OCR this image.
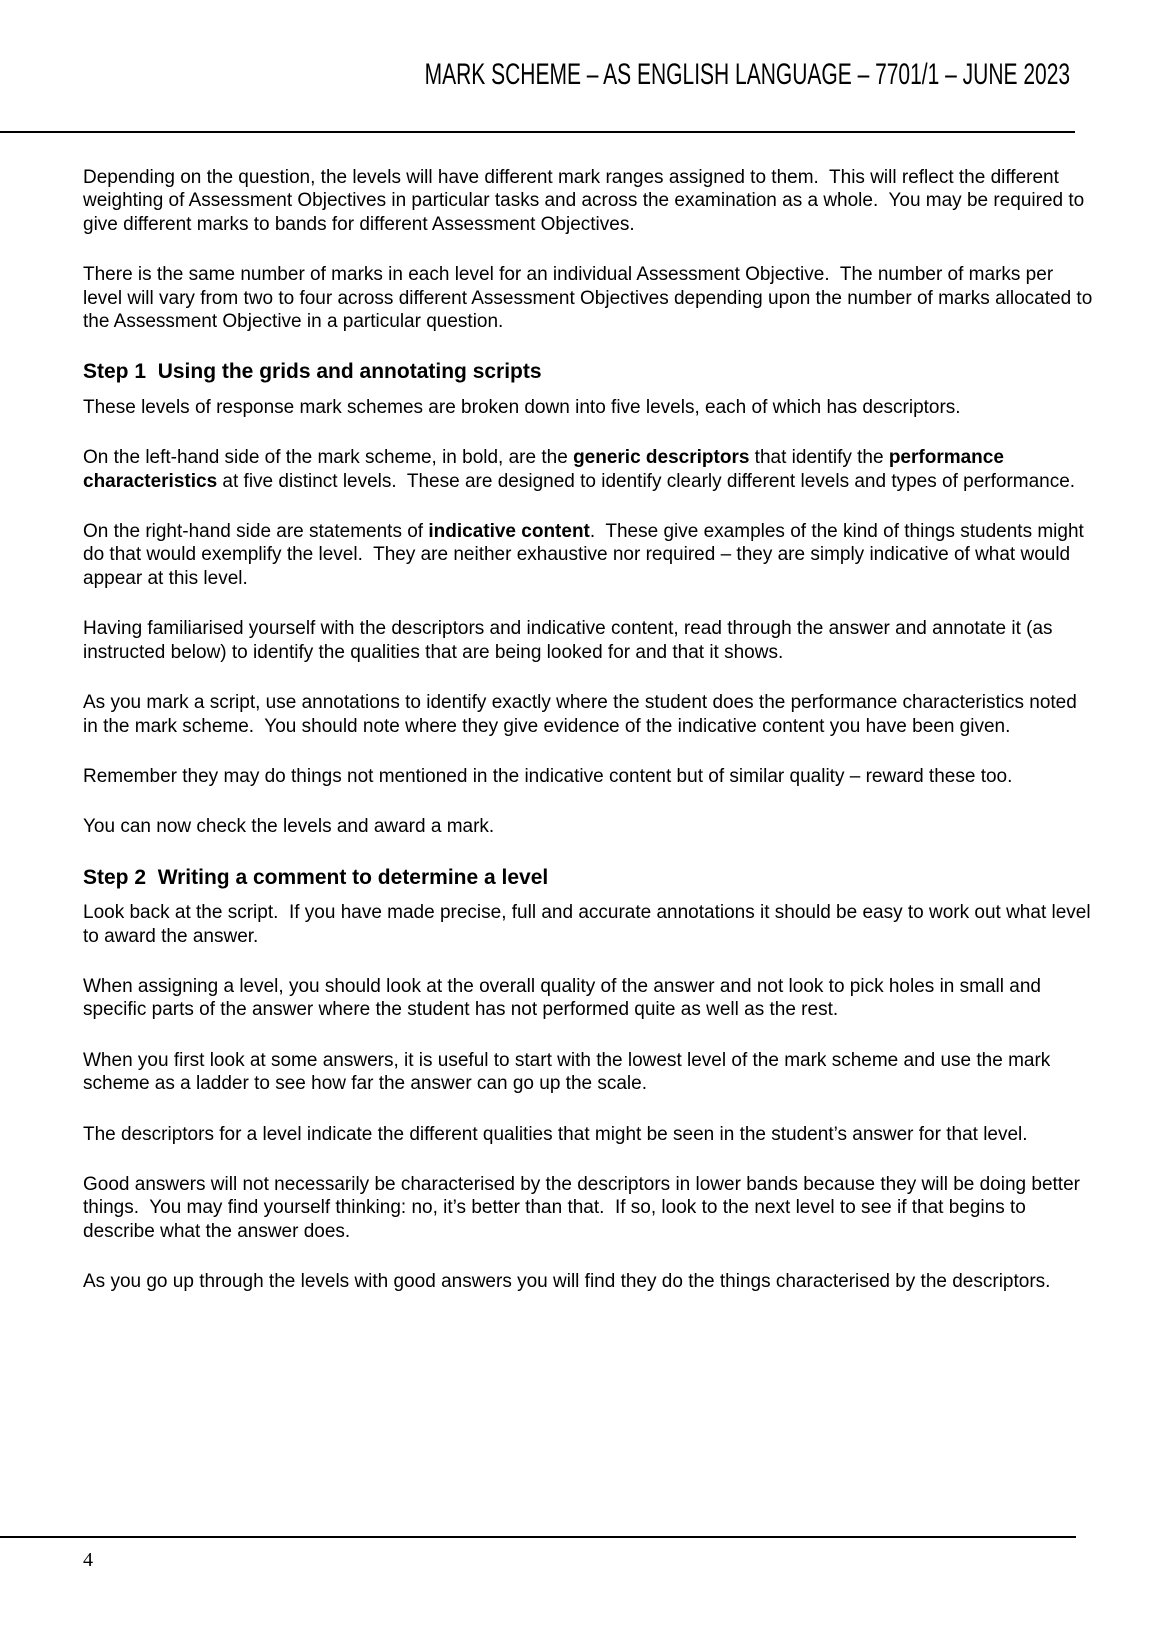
MARK SCHEME – AS ENGLISH LANGUAGE – 7701/1 – JUNE 2023

Depending on the question, the levels will have different mark ranges assigned to them.  This will reflect the different weighting of Assessment Objectives in particular tasks and across the examination as a whole.  You may be required to give different marks to bands for different Assessment Objectives.

There is the same number of marks in each level for an individual Assessment Objective.  The number of marks per level will vary from two to four across different Assessment Objectives depending upon the number of marks allocated to the Assessment Objective in a particular question.

Step 1  Using the grids and annotating scripts

These levels of response mark schemes are broken down into five levels, each of which has descriptors.

On the left-hand side of the mark scheme, in bold, are the generic descriptors that identify the performance characteristics at five distinct levels.  These are designed to identify clearly different levels and types of performance.

On the right-hand side are statements of indicative content.  These give examples of the kind of things students might do that would exemplify the level.  They are neither exhaustive nor required – they are simply indicative of what would appear at this level.

Having familiarised yourself with the descriptors and indicative content, read through the answer and annotate it (as instructed below) to identify the qualities that are being looked for and that it shows.

As you mark a script, use annotations to identify exactly where the student does the performance characteristics noted in the mark scheme.  You should note where they give evidence of the indicative content you have been given.

Remember they may do things not mentioned in the indicative content but of similar quality – reward these too.

You can now check the levels and award a mark.

Step 2  Writing a comment to determine a level

Look back at the script.  If you have made precise, full and accurate annotations it should be easy to work out what level to award the answer.

When assigning a level, you should look at the overall quality of the answer and not look to pick holes in small and specific parts of the answer where the student has not performed quite as well as the rest.

When you first look at some answers, it is useful to start with the lowest level of the mark scheme and use the mark scheme as a ladder to see how far the answer can go up the scale.

The descriptors for a level indicate the different qualities that might be seen in the student’s answer for that level.

Good answers will not necessarily be characterised by the descriptors in lower bands because they will be doing better things.  You may find yourself thinking: no, it’s better than that.  If so, look to the next level to see if that begins to describe what the answer does.

As you go up through the levels with good answers you will find they do the things characterised by the descriptors.

4
